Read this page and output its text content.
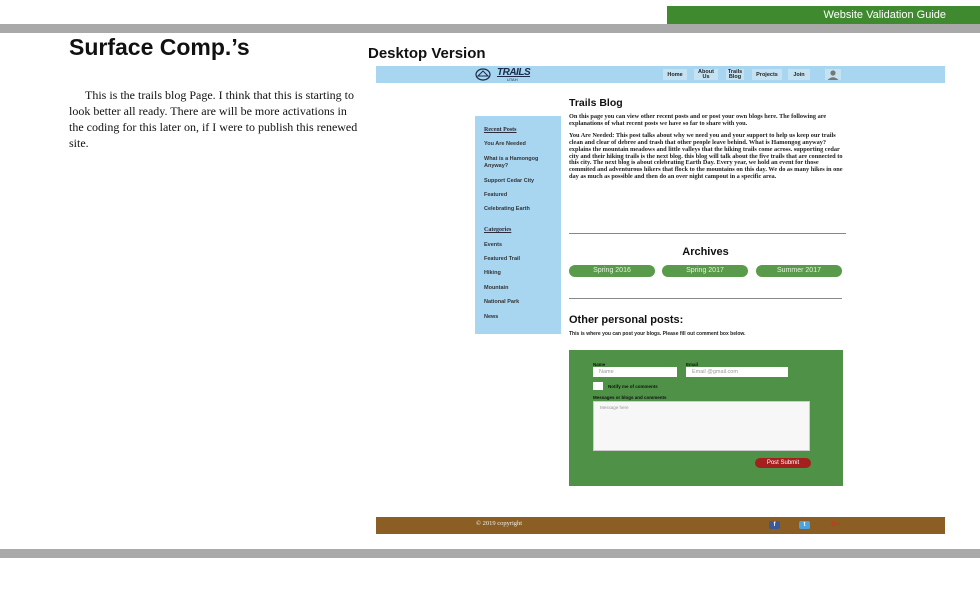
Website Validation Guide
Surface Comp.’s
This is the trails blog Page. I think that this is starting to look better all ready. There are will be more activations in the coding for this later on, if I were to publish this renewed site.
Desktop Version
TRAILS
UTAH
Home	About Us
Trails Blog	Projects	Join
Recent Posts
You Are Needed
What is a Hamongog Anyway?
Support Cedar City
Featured
Celebrating Earth
Categories
Events
Featured Trail
Hiking
Mountain
National Park
News
Trails Blog

On this page you can view other recent posts and or post your own blogs here. The following are explanations of what recent posts we have so far to share with you.

You Are Needed: This post talks about why we need you and your support to help us keep our trails clean and clear of debree and trash that other people leave behind. What is Hamongog anyway? explains the mountain meadows and little valleys that the hiking trails come across. supporting cedar city and their hiking trails is the next blog. this blog will talk about the five trails that are connected to this city. The next blog is about celebrating Earth Day. Every year, we hold an event for those commited and adventurous hikers that flock to the mountains on this day. We do as many hikes in one day as much as possible and then do an over night campout in a specific area.

Archives
Spring 2016	Spring 2017	Summer 2017
Other personal posts:
This is where you can post your blogs. Please fill out comment box below.
Name
Name
Email
Email @gmail.com
Notify me of comments
Messages or blogs and comments
Message here
Post Submit
© 2019 copyright	f	t	G+
